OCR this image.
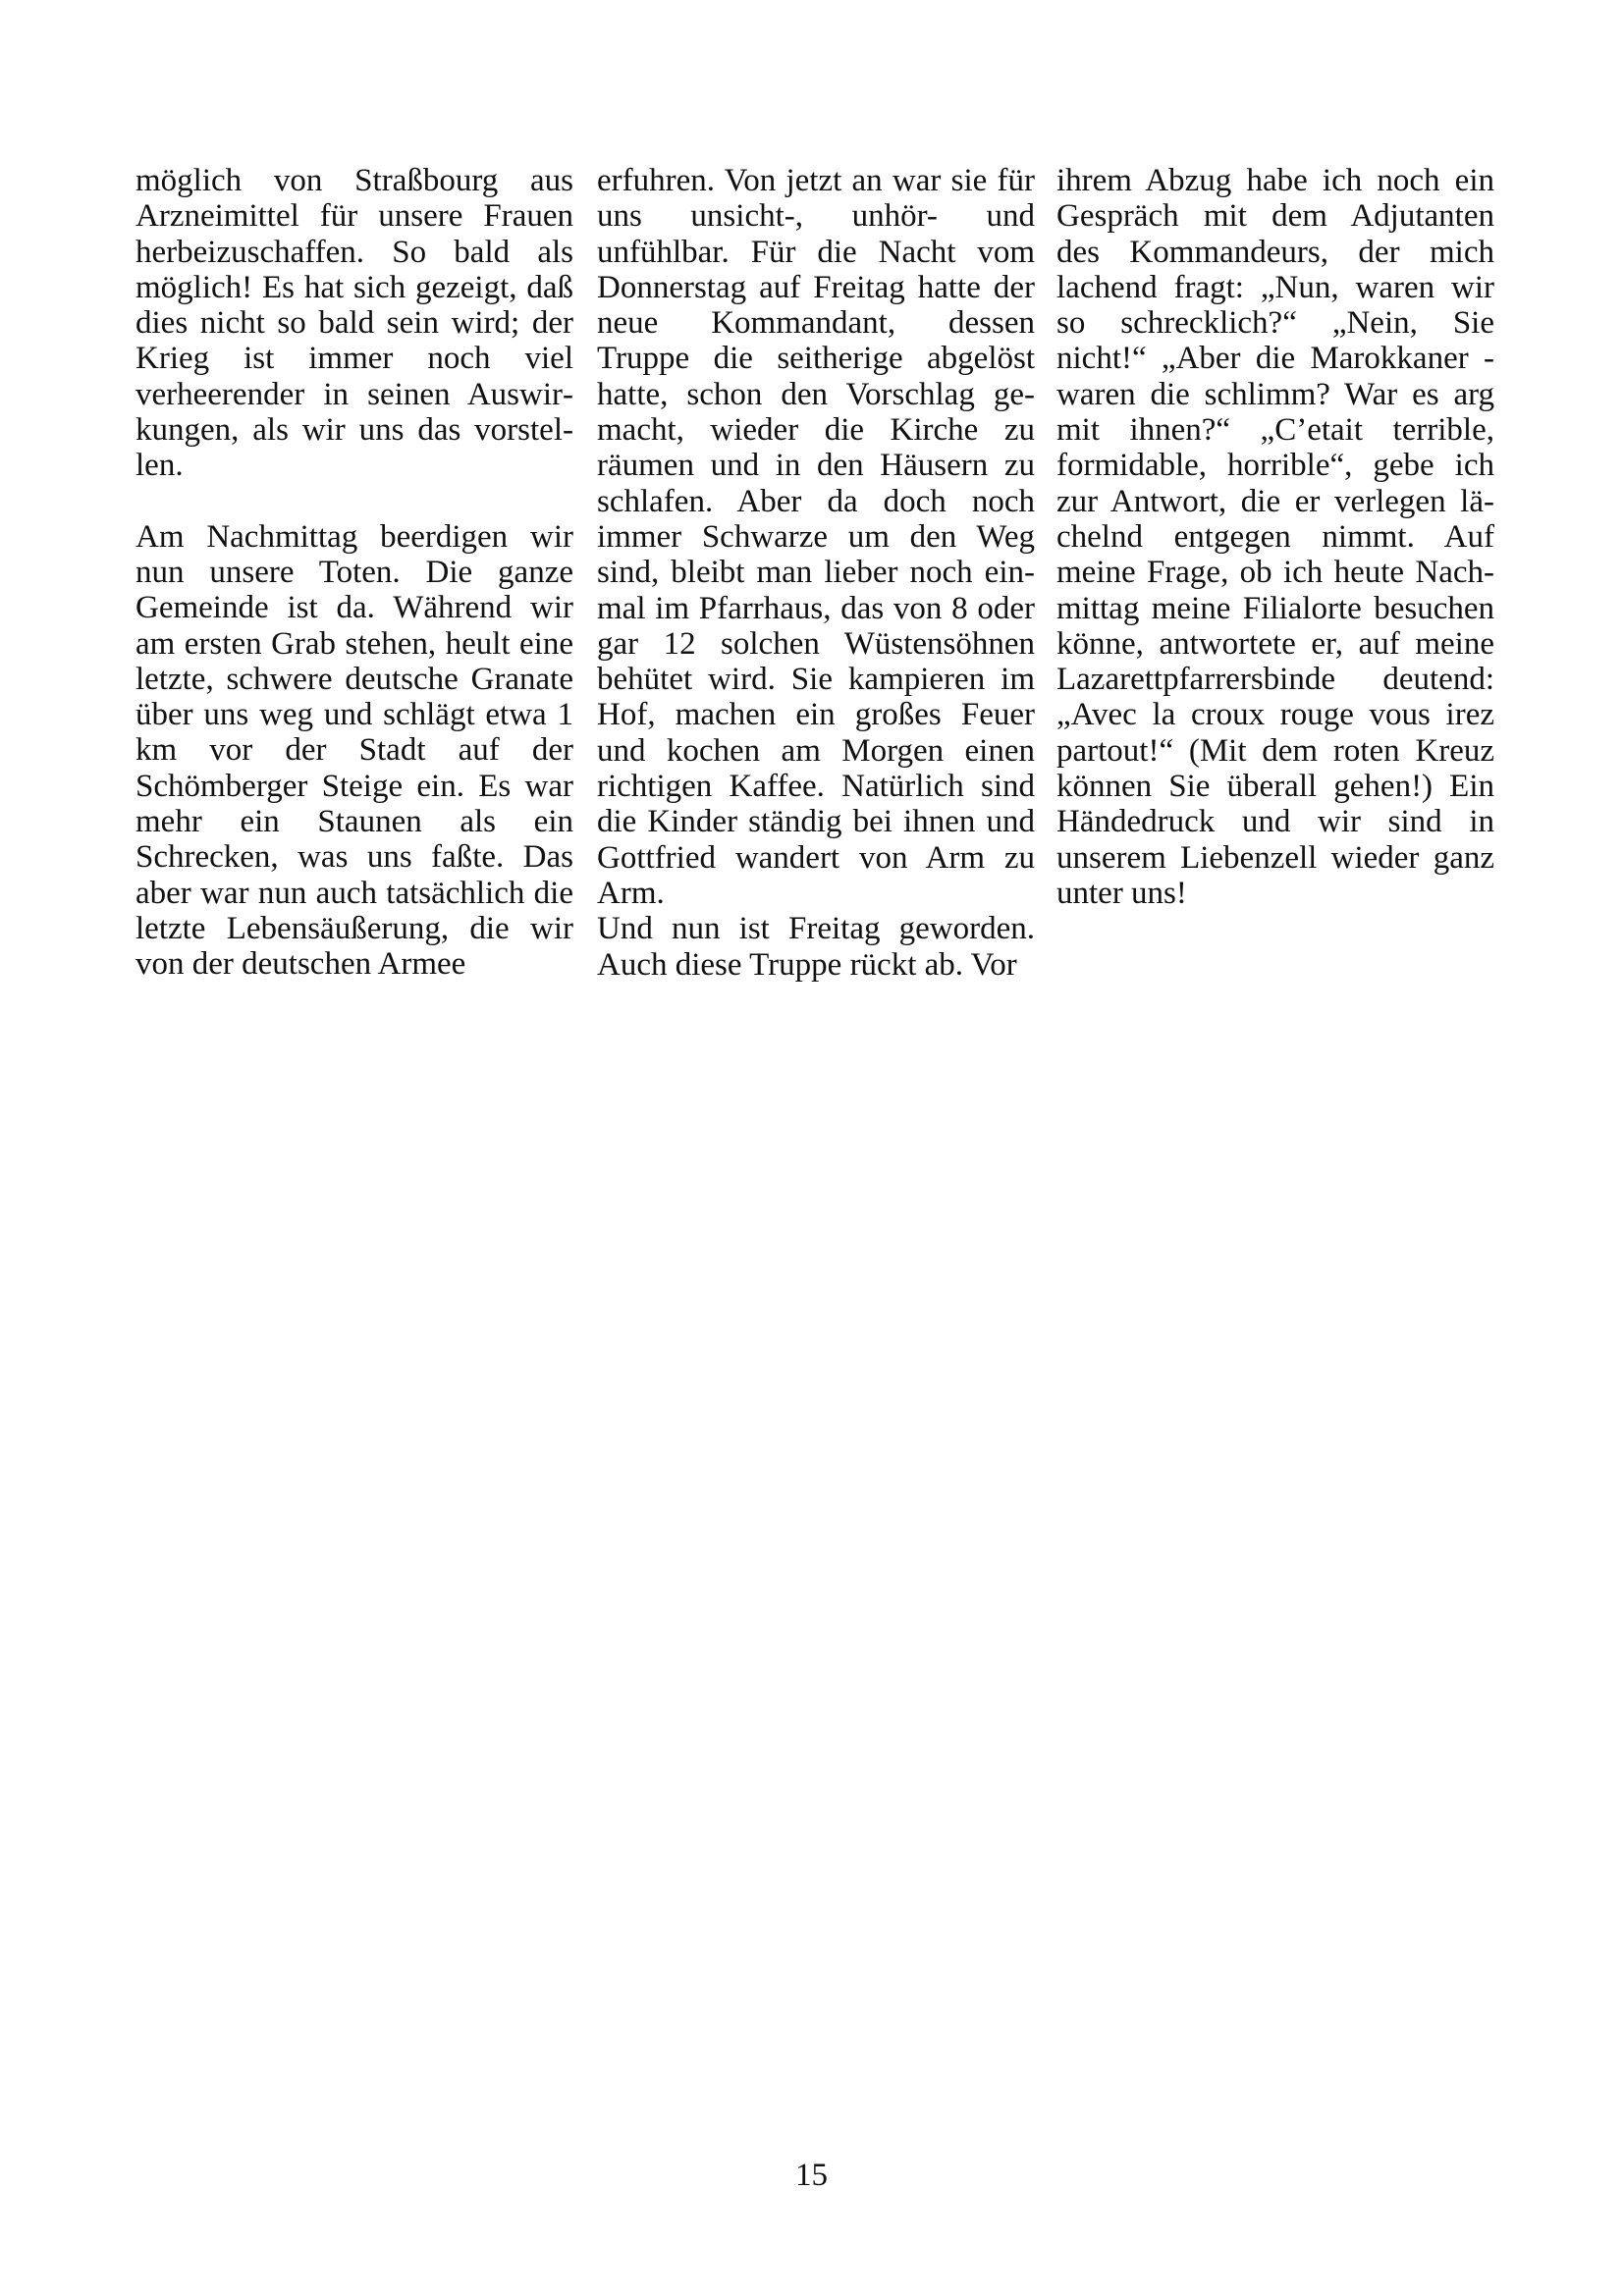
möglich von Straßbourg aus Arzneimittel für unsere Frauen herbeizuschaffen. So bald als möglich! Es hat sich gezeigt, daß dies nicht so bald sein wird; der Krieg ist immer noch viel verheerender in seinen Auswirkungen, als wir uns das vorstellen.

Am Nachmittag beerdigen wir nun unsere Toten. Die ganze Gemeinde ist da. Während wir am ersten Grab stehen, heult eine letzte, schwere deutsche Granate über uns weg und schlägt etwa 1 km vor der Stadt auf der Schömberger Steige ein. Es war mehr ein Staunen als ein Schrecken, was uns faßte. Das aber war nun auch tatsächlich die letzte Lebensäußerung, die wir von der deutschen Armee

erfuhren. Von jetzt an war sie für uns unsicht-, unhör- und unfühlbar. Für die Nacht vom Donnerstag auf Freitag hatte der neue Kommandant, dessen Truppe die seitherige abgelöst hatte, schon den Vorschlag gemacht, wieder die Kirche zu räumen und in den Häusern zu schlafen. Aber da doch noch immer Schwarze um den Weg sind, bleibt man lieber noch einmal im Pfarrhaus, das von 8 oder gar 12 solchen Wüstensöhnen behütet wird. Sie kampieren im Hof, machen ein großes Feuer und kochen am Morgen einen richtigen Kaffee. Natürlich sind die Kinder ständig bei ihnen und Gottfried wandert von Arm zu Arm.

Und nun ist Freitag geworden. Auch diese Truppe rückt ab. Vor

ihrem Abzug habe ich noch ein Gespräch mit dem Adjutanten des Kommandeurs, der mich lachend fragt: „Nun, waren wir so schrecklich?“ „Nein, Sie nicht!“ „Aber die Marokkaner - waren die schlimm? War es arg mit ihnen?“ „C’etait terrible, formidable, horrible“, gebe ich zur Antwort, die er verlegen lächelnd entgegen nimmt. Auf meine Frage, ob ich heute Nachmittag meine Filialorte besuchen könne, antwortete er, auf meine Lazarettpfarrersbinde deutend: „Avec la croux rouge vous irez partout!“ (Mit dem roten Kreuz können Sie überall gehen!) Ein Händedruck und wir sind in unserem Liebenzell wieder ganz unter uns!

15
